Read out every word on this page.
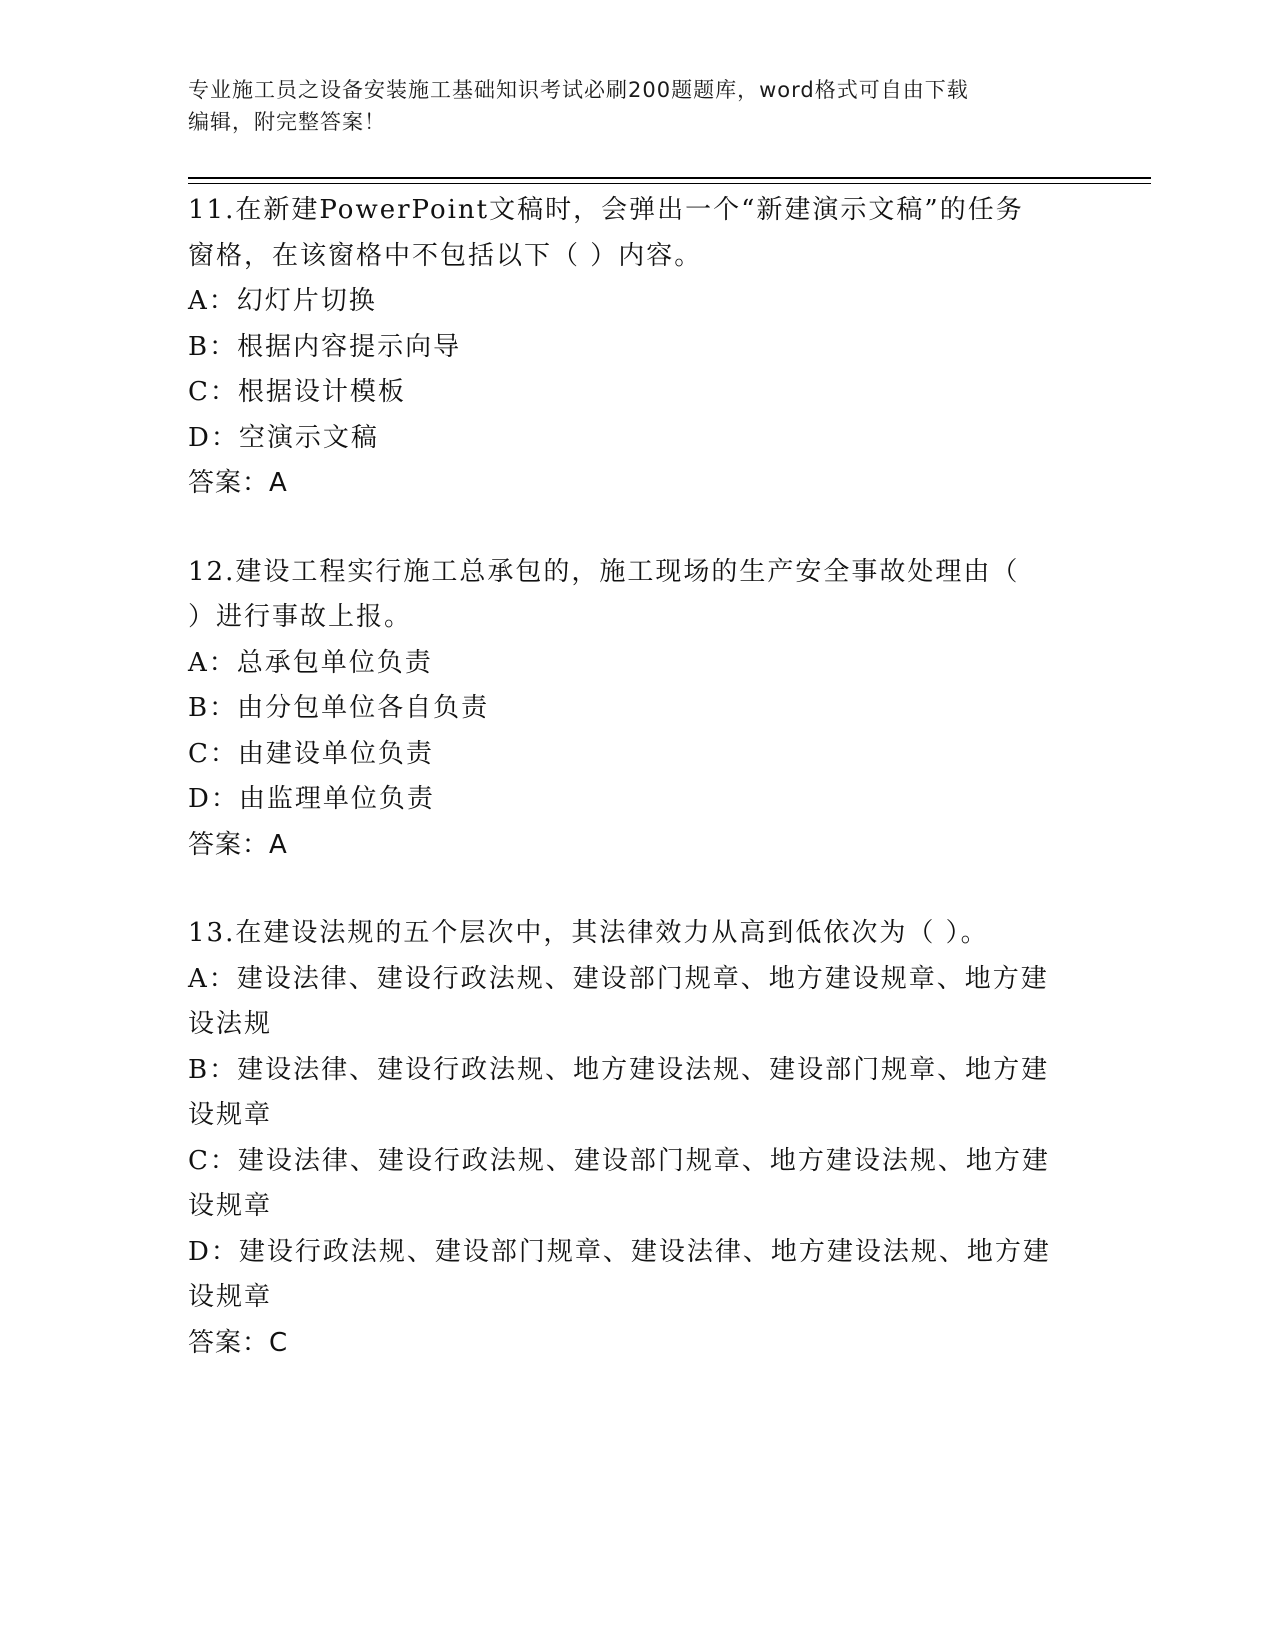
专业施工员之设备安装施工基础知识考试必刷200题题库，word格式可自由下载

编辑，附完整答案！

11.在新建PowerPoint文稿时，会弹出一个“新建演示文稿”的任务

窗格，在该窗格中不包括以下（ ）内容。

A：幻灯片切换

B：根据内容提示向导

C：根据设计模板

D：空演示文稿

答案：A

12.建设工程实行施工总承包的，施工现场的生产安全事故处理由（

）进行事故上报。

A：总承包单位负责

B：由分包单位各自负责

C：由建设单位负责

D：由监理单位负责

答案：A

13.在建设法规的五个层次中，其法律效力从高到低依次为（ ）。

A：建设法律、建设行政法规、建设部门规章、地方建设规章、地方建

设法规

B：建设法律、建设行政法规、地方建设法规、建设部门规章、地方建

设规章

C：建设法律、建设行政法规、建设部门规章、地方建设法规、地方建

设规章

D：建设行政法规、建设部门规章、建设法律、地方建设法规、地方建

设规章

答案：C
